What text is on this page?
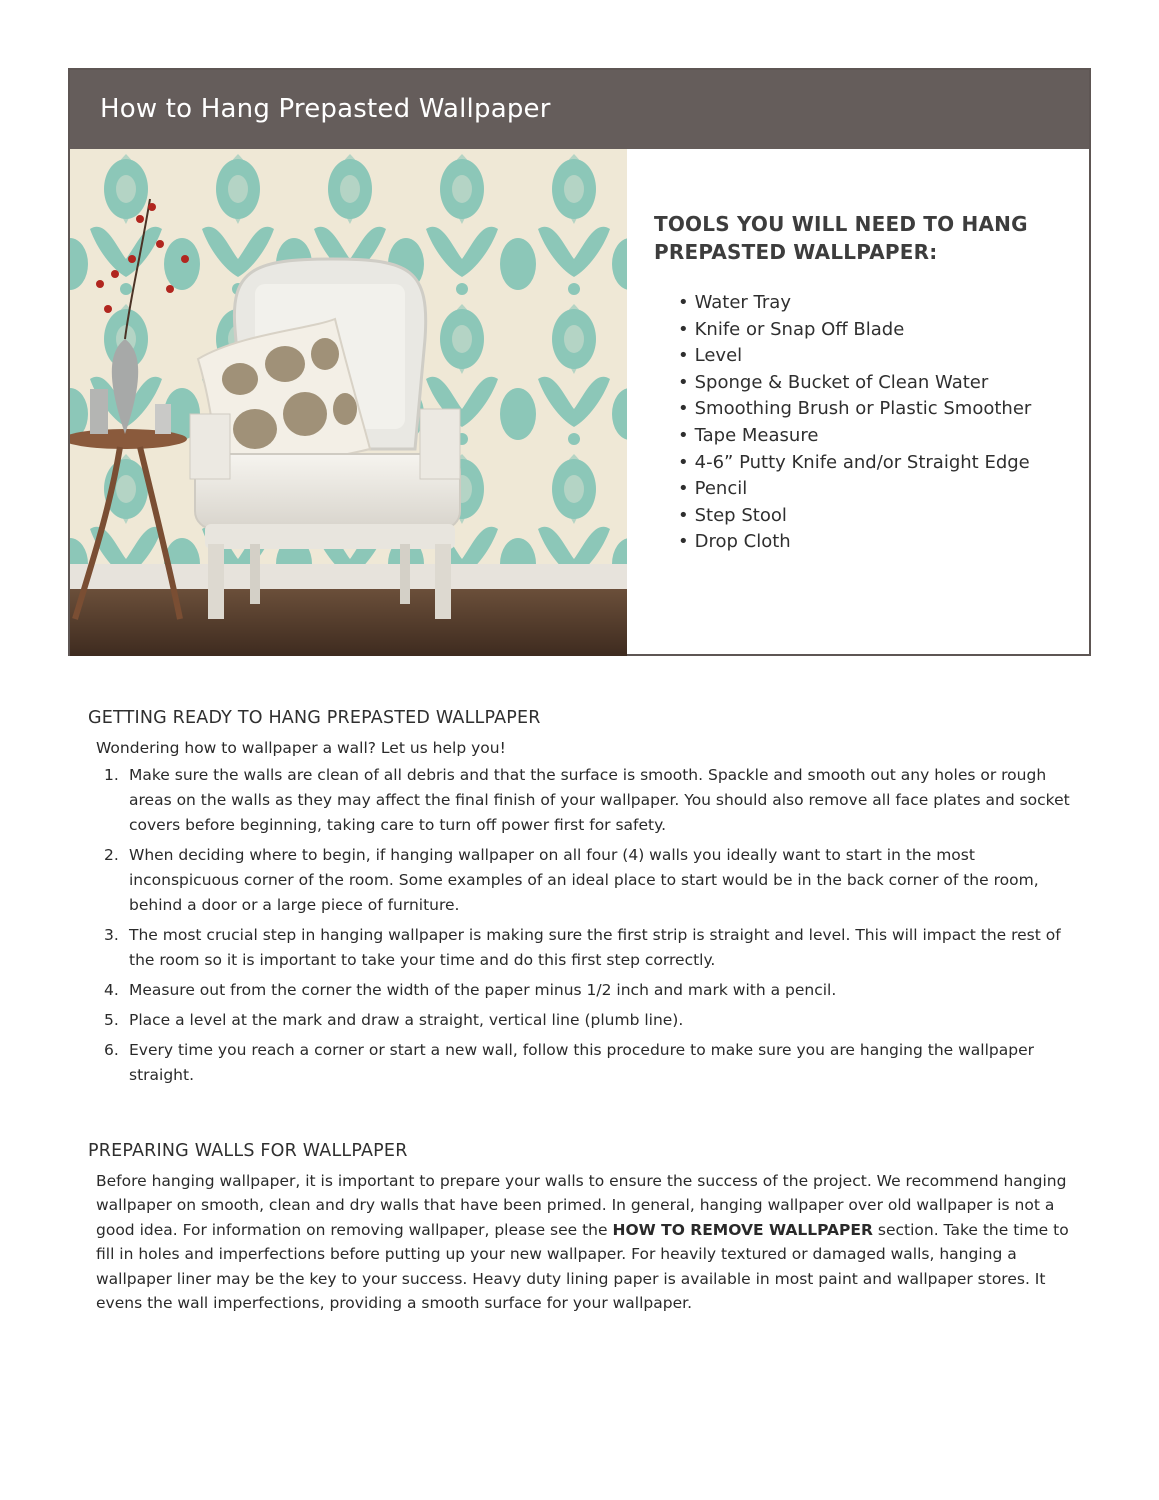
How to Hang Prepasted Wallpaper
TOOLS YOU WILL NEED TO HANG PREPASTED WALLPAPER:
• Water Tray
• Knife or Snap Off Blade
• Level
• Sponge & Bucket of Clean Water
• Smoothing Brush or Plastic Smoother
• Tape Measure
• 4-6” Putty Knife and/or Straight Edge
• Pencil
• Step Stool
• Drop Cloth
GETTING READY TO HANG PREPASTED WALLPAPER

Wondering how to wallpaper a wall? Let us help you!

1. Make sure the walls are clean of all debris and that the surface is smooth. Spackle and smooth out any holes or rough areas on the walls as they may affect the final finish of your wallpaper. You should also remove all face plates and socket covers before beginning, taking care to turn off power first for safety.
2. When deciding where to begin, if hanging wallpaper on all four (4) walls you ideally want to start in the most inconspicuous corner of the room. Some examples of an ideal place to start would be in the back corner of the room, behind a door or a large piece of furniture.
3. The most crucial step in hanging wallpaper is making sure the first strip is straight and level. This will impact the rest of the room so it is important to take your time and do this first step correctly.
4. Measure out from the corner the width of the paper minus 1/2 inch and mark with a pencil.
5. Place a level at the mark and draw a straight, vertical line (plumb line).
6. Every time you reach a corner or start a new wall, follow this procedure to make sure you are hanging the wallpaper straight.
PREPARING WALLS FOR WALLPAPER

Before hanging wallpaper, it is important to prepare your walls to ensure the success of the project. We recommend hanging wallpaper on smooth, clean and dry walls that have been primed. In general, hanging wallpaper over old wallpaper is not a good idea. For information on removing wallpaper, please see the HOW TO REMOVE WALLPAPER section. Take the time to fill in holes and imperfections before putting up your new wallpaper. For heavily textured or damaged walls, hanging a wallpaper liner may be the key to your success. Heavy duty lining paper is available in most paint and wallpaper stores. It evens the wall imperfections, providing a smooth surface for your wallpaper.
